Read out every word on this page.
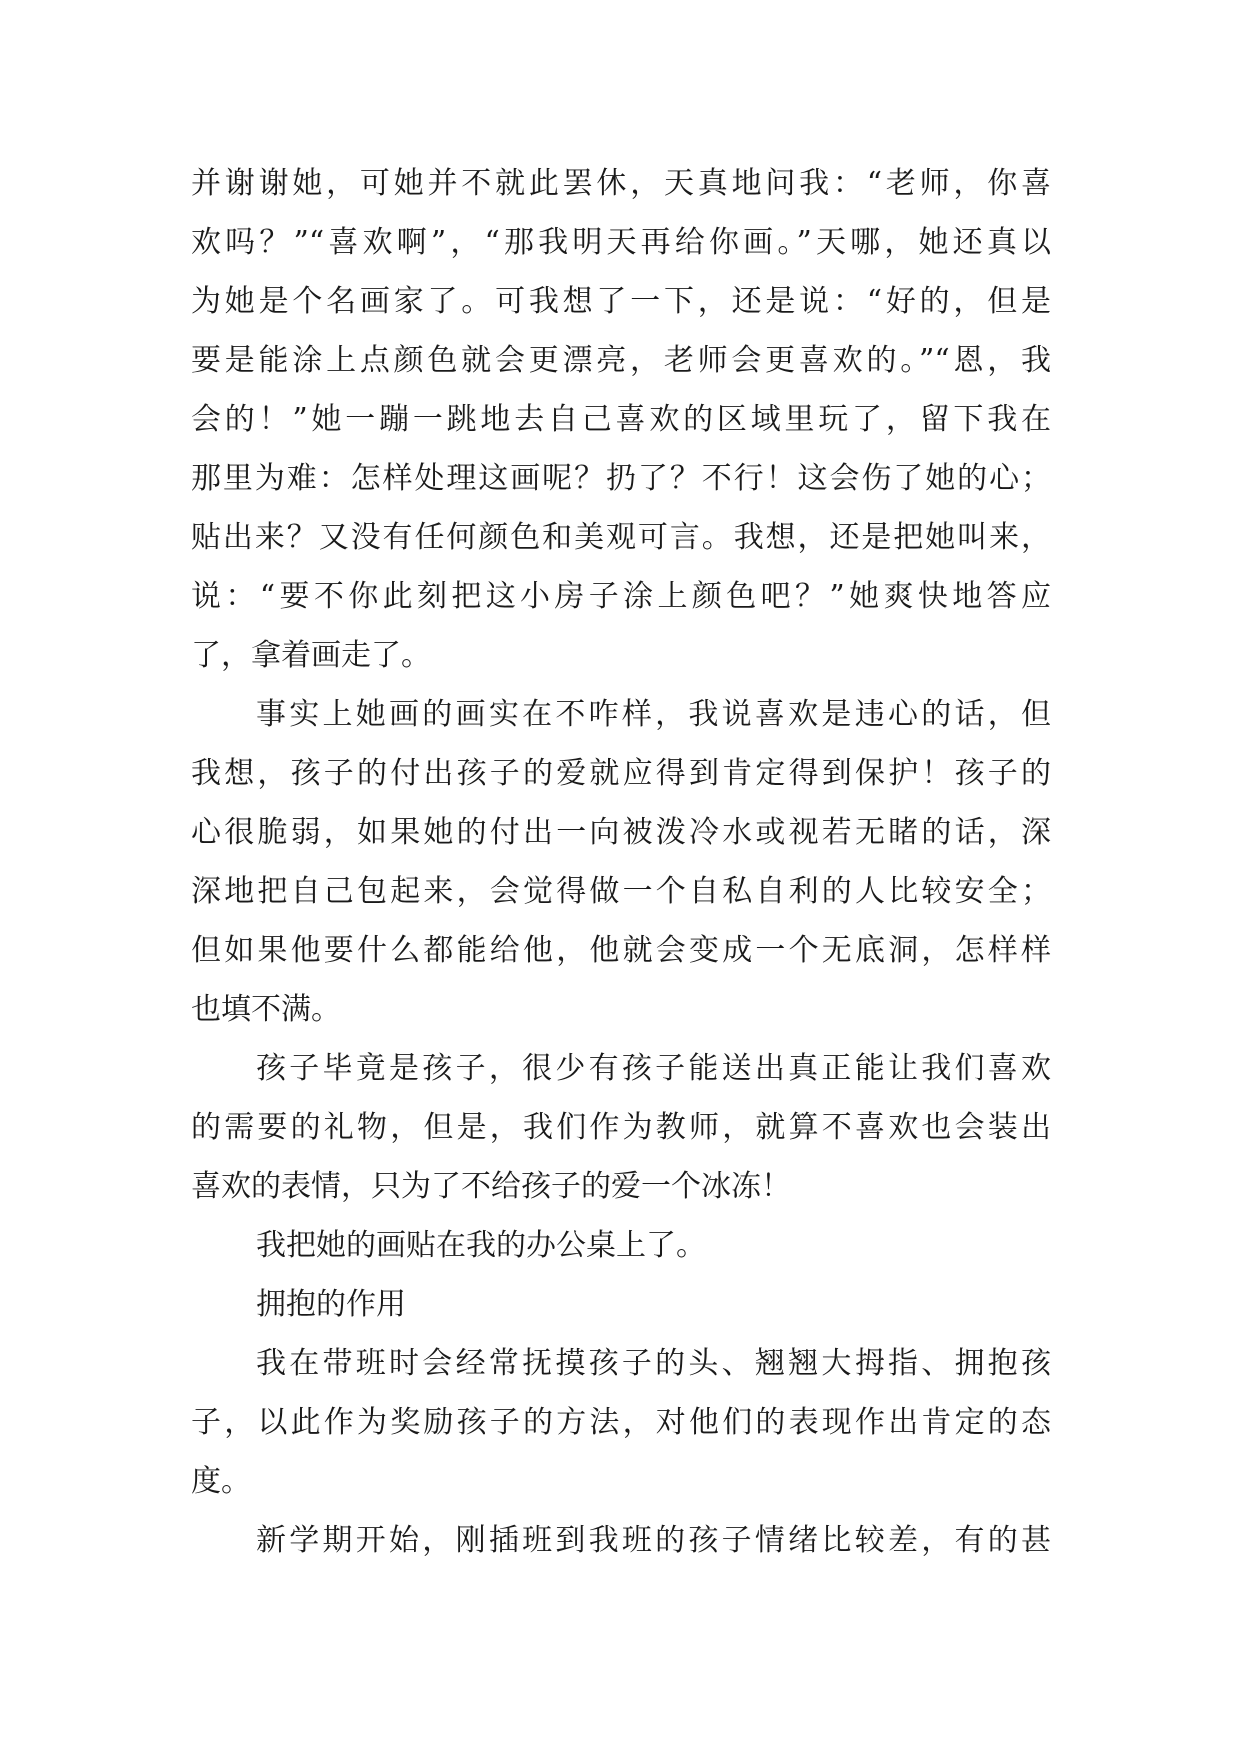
并谢谢她，可她并不就此罢休，天真地问我：“老师，你喜
欢吗？”“喜欢啊”，“那我明天再给你画。”天哪，她还真以
为她是个名画家了。可我想了一下，还是说：“好的，但是
要是能涂上点颜色就会更漂亮，老师会更喜欢的。”“恩，我
会的！”她一蹦一跳地去自己喜欢的区域里玩了，留下我在
那里为难：怎样处理这画呢？扔了？不行！这会伤了她的心；
贴出来？又没有任何颜色和美观可言。我想，还是把她叫来，
说：“要不你此刻把这小房子涂上颜色吧？”她爽快地答应
了，拿着画走了。
事实上她画的画实在不咋样，我说喜欢是违心的话，但
我想，孩子的付出孩子的爱就应得到肯定得到保护！孩子的
心很脆弱，如果她的付出一向被泼冷水或视若无睹的话，深
深地把自己包起来，会觉得做一个自私自利的人比较安全；
但如果他要什么都能给他，他就会变成一个无底洞，怎样样
也填不满。
孩子毕竟是孩子，很少有孩子能送出真正能让我们喜欢
的需要的礼物，但是，我们作为教师，就算不喜欢也会装出
喜欢的表情，只为了不给孩子的爱一个冰冻！
我把她的画贴在我的办公桌上了。
拥抱的作用
我在带班时会经常抚摸孩子的头、翘翘大拇指、拥抱孩
子，以此作为奖励孩子的方法，对他们的表现作出肯定的态
度。
新学期开始，刚插班到我班的孩子情绪比较差，有的甚
